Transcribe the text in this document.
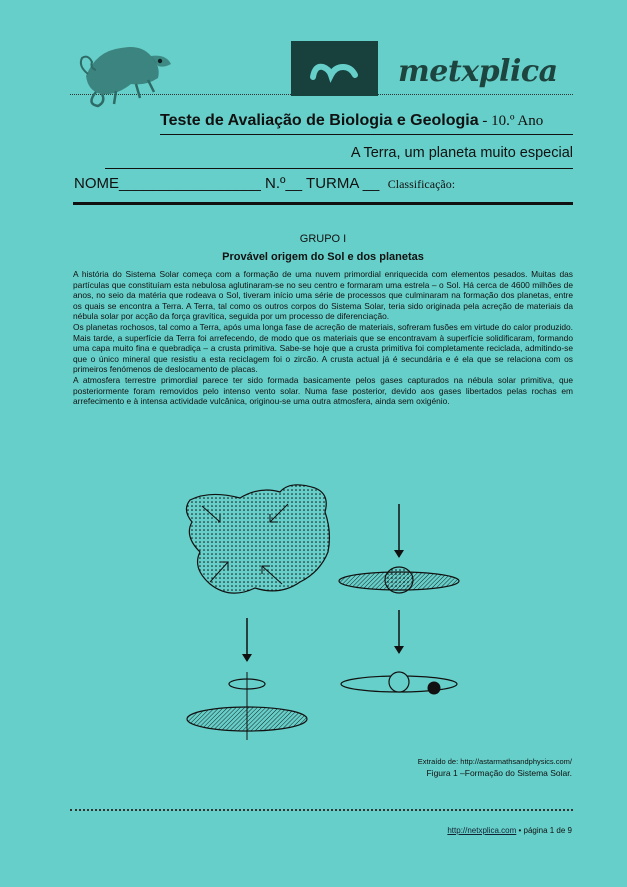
metxplica
Teste de Avaliação de Biologia e Geologia - 10.º Ano
A Terra, um planeta muito especial
NOME_________________ N.º__ TURMA __ Classificação:
GRUPO I
Provável origem do Sol e dos planetas

A história do Sistema Solar começa com a formação de uma nuvem primordial enriquecida com elementos pesados. Muitas das partículas que constituíam esta nebulosa aglutinaram-se no seu centro e formaram uma estrela – o Sol. Há cerca de 4600 milhões de anos, no seio da matéria que rodeava o Sol, tiveram início uma série de processos que culminaram na formação dos planetas, entre os quais se encontra a Terra. A Terra, tal como os outros corpos do Sistema Solar, teria sido originada pela acreção de materiais da nébula solar por acção da força gravítica, seguida por um processo de diferenciação.

Os planetas rochosos, tal como a Terra, após uma longa fase de acreção de materiais, sofreram fusões em virtude do calor produzido. Mais tarde, a superfície da Terra foi arrefecendo, de modo que os materiais que se encontravam à superfície solidificaram, formando uma capa muito fina e quebradiça – a crusta primitiva. Sabe-se hoje que a crusta primitiva foi completamente reciclada, admitindo-se que o único mineral que resistiu a esta reciclagem foi o zircão. A crusta actual já é secundária e é ela que se relaciona com os primeiros fenómenos de deslocamento de placas.

A atmosfera terrestre primordial parece ter sido formada basicamente pelos gases capturados na nébula solar primitiva, que posteriormente foram removidos pelo intenso vento solar. Numa fase posterior, devido aos gases libertados pelas rochas em arrefecimento e à intensa actividade vulcânica, originou-se uma outra atmosfera, ainda sem oxigénio.

Extraído de: http://astarmathsandphysics.com/
Figura 1 –Formação do Sistema Solar.
http://netxplica.com • página 1 de 9
